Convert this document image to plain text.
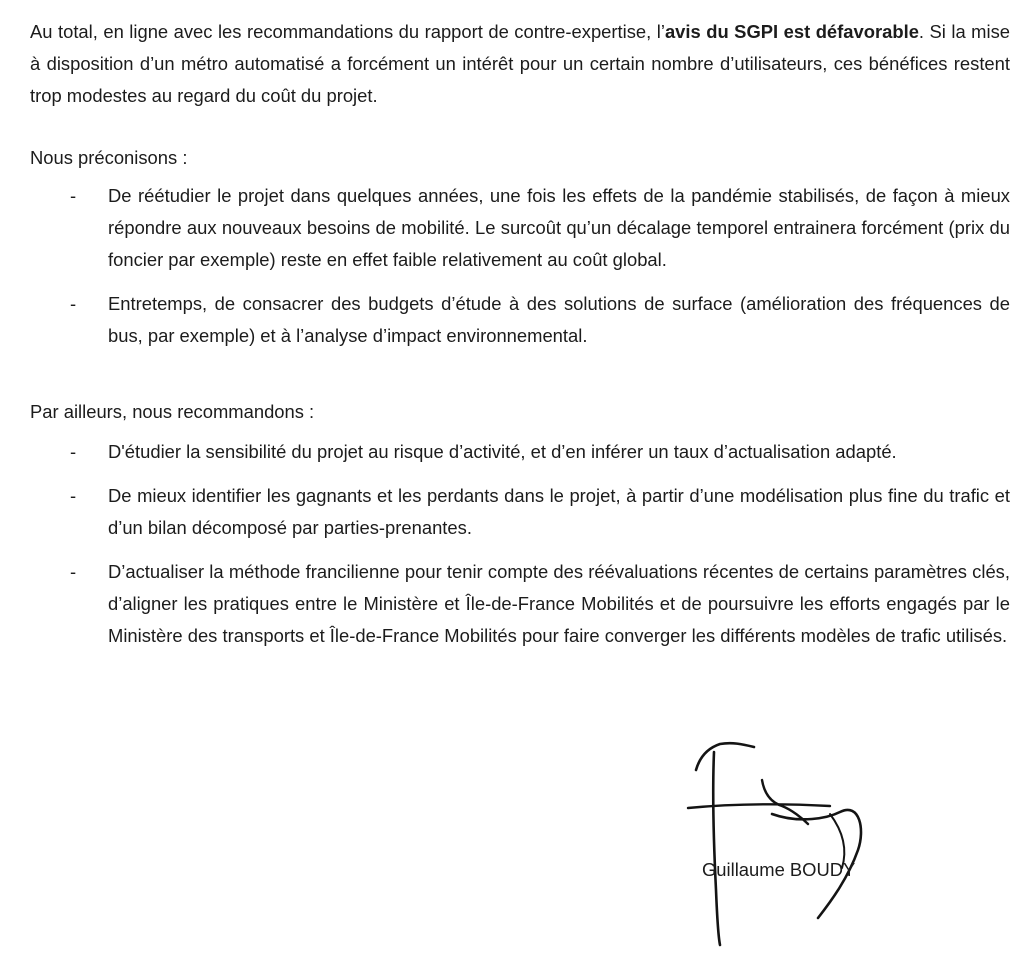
Au total, en ligne avec les recommandations du rapport de contre-expertise, l’avis du SGPI est défavorable. Si la mise à disposition d’un métro automatisé a forcément un intérêt pour un certain nombre d’utilisateurs, ces bénéfices restent trop modestes au regard du coût du projet.

Nous préconisons :

-	De réétudier le projet dans quelques années, une fois les effets de la pandémie stabilisés, de façon à mieux répondre aux nouveaux besoins de mobilité. Le surcoût qu’un décalage temporel entrainera forcément (prix du foncier par exemple) reste en effet faible relativement au coût global.
-	Entretemps, de consacrer des budgets d’étude à des solutions de surface (amélioration des fréquences de bus, par exemple) et à l’analyse d’impact environnemental.

Par ailleurs, nous recommandons :

-	D'étudier la sensibilité du projet au risque d’activité, et d’en inférer un taux d’actualisation adapté.
-	De mieux identifier les gagnants et les perdants dans le projet, à partir d’une modélisation plus fine du trafic et d’un bilan décomposé par parties-prenantes.
-	D’actualiser la méthode francilienne pour tenir compte des réévaluations récentes de certains paramètres clés, d’aligner les pratiques entre le Ministère et Île-de-France Mobilités et de poursuivre les efforts engagés par le Ministère des transports et Île-de-France Mobilités pour faire converger les différents modèles de trafic utilisés.
Guillaume BOUDY
